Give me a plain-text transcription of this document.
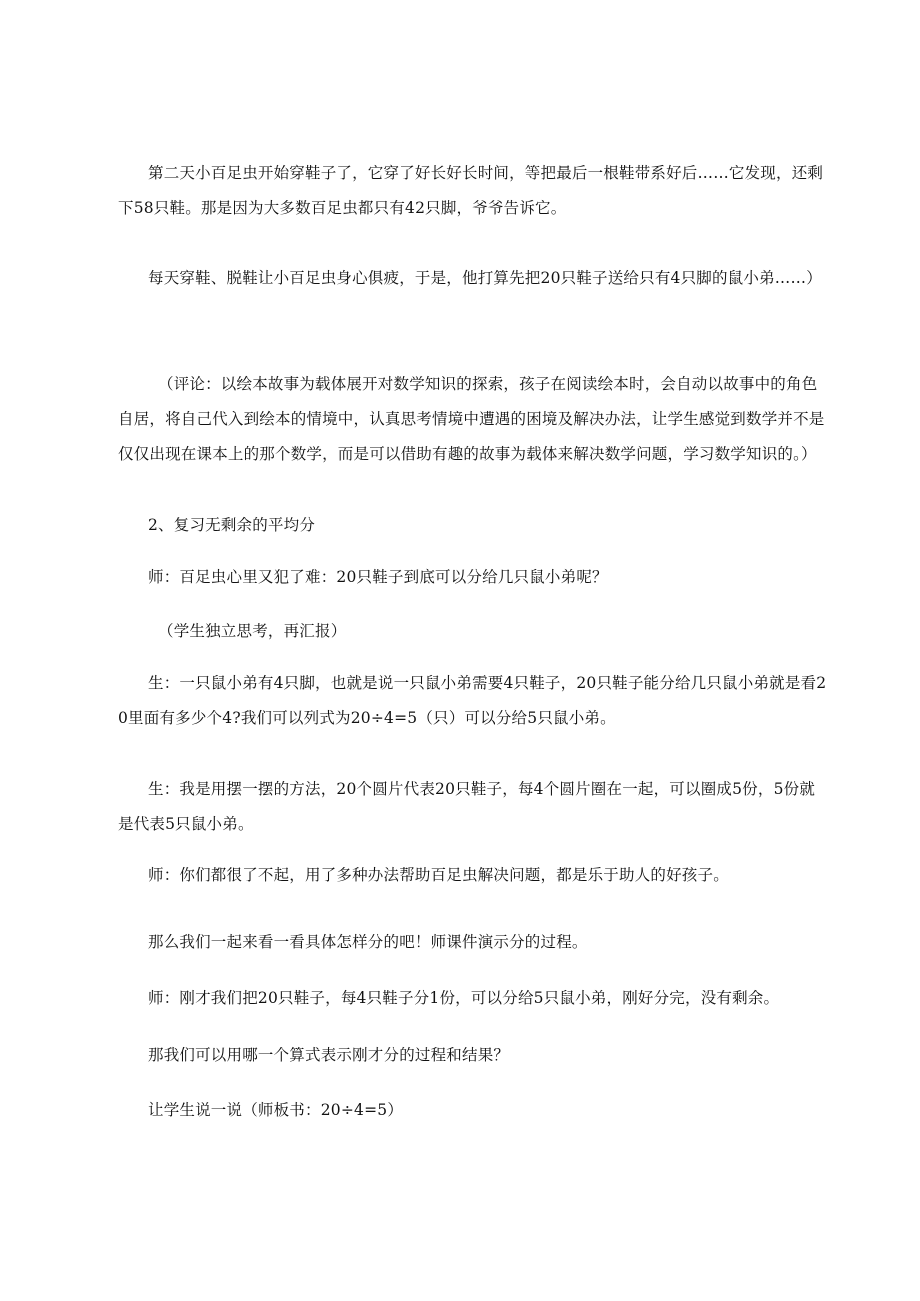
第二天小百足虫开始穿鞋子了，它穿了好长好长时间，等把最后一根鞋带系好后……它发现，还剩下58只鞋。那是因为大多数百足虫都只有42只脚，爷爷告诉它。

每天穿鞋、脱鞋让小百足虫身心俱疲，于是，他打算先把20只鞋子送给只有4只脚的鼠小弟……）

（评论：以绘本故事为载体展开对数学知识的探索，孩子在阅读绘本时，会自动以故事中的角色自居，将自己代入到绘本的情境中，认真思考情境中遭遇的困境及解决办法，让学生感觉到数学并不是仅仅出现在课本上的那个数学，而是可以借助有趣的故事为载体来解决数学问题，学习数学知识的。）

2、复习无剩余的平均分

师：百足虫心里又犯了难：20只鞋子到底可以分给几只鼠小弟呢？

（学生独立思考，再汇报）

生：一只鼠小弟有4只脚，也就是说一只鼠小弟需要4只鞋子，20只鞋子能分给几只鼠小弟就是看20里面有多少个4?我们可以列式为20÷4=5（只）可以分给5只鼠小弟。

生：我是用摆一摆的方法，20个圆片代表20只鞋子，每4个圆片圈在一起，可以圈成5份，5份就是代表5只鼠小弟。

师：你们都很了不起，用了多种办法帮助百足虫解决问题，都是乐于助人的好孩子。

那么我们一起来看一看具体怎样分的吧！师课件演示分的过程。

师：刚才我们把20只鞋子，每4只鞋子分1份，可以分给5只鼠小弟，刚好分完，没有剩余。

那我们可以用哪一个算式表示刚才分的过程和结果？

让学生说一说（师板书：20÷4=5）
